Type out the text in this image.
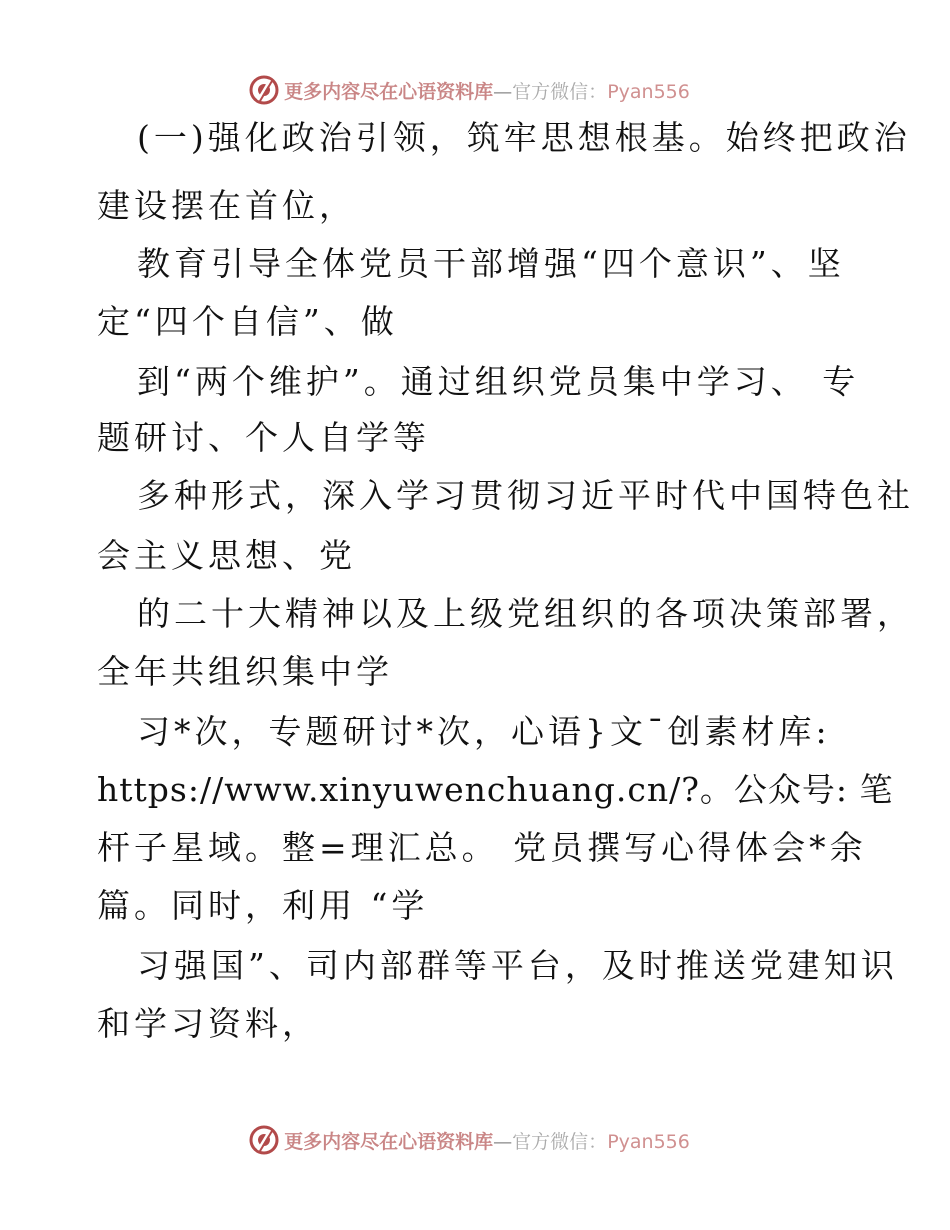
更多内容尽在心语资料库—官方微信：Pyan556
(一)强化政治引领，筑牢思想根基。始终把政治
建设摆在首位，
教育引导全体党员干部增强“四个意识”、坚
定“四个自信”、做
到“两个维护”。通过组织党员集中学习、 专
题研讨、个人自学等
多种形式，深入学习贯彻习近平时代中国特色社
会主义思想、党
的二十大精神以及上级党组织的各项决策部署，
全年共组织集中学
习*次，专题研讨*次，心语}文¯创素材库:
https://www.xinyuwenchuang.cn/?。公众号: 笔
杆子星域。整=理汇总。 党员撰写心得体会*余
篇。同时，利用 “学
习强国”、司内部群等平台，及时推送党建知识
和学习资料，
更多内容尽在心语资料库—官方微信：Pyan556
